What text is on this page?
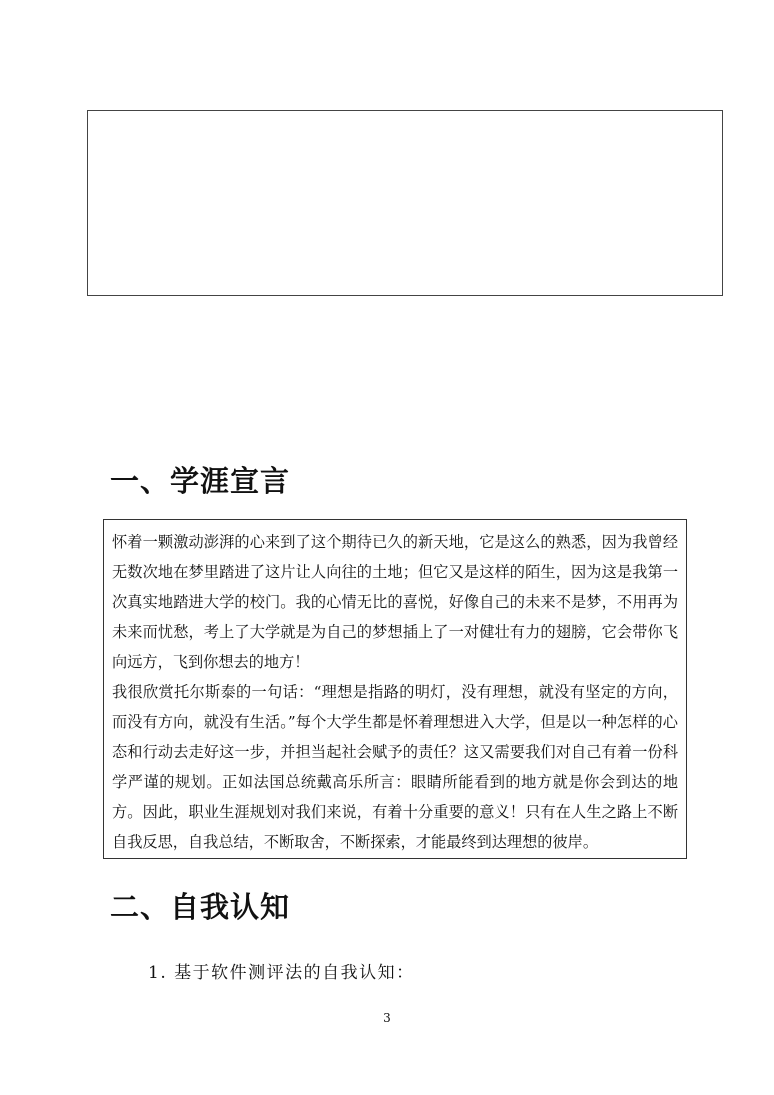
一、学涯宣言

怀着一颗激动澎湃的心来到了这个期待已久的新天地，它是这么的熟悉，因为我曾经无数次地在梦里踏进了这片让人向往的土地；但它又是这样的陌生，因为这是我第一次真实地踏进大学的校门。我的心情无比的喜悦，好像自己的未来不是梦，不用再为未来而忧愁，考上了大学就是为自己的梦想插上了一对健壮有力的翅膀，它会带你飞向远方，飞到你想去的地方！

我很欣赏托尔斯泰的一句话：“理想是指路的明灯，没有理想，就没有坚定的方向，而没有方向，就没有生活。”每个大学生都是怀着理想进入大学，但是以一种怎样的心态和行动去走好这一步，并担当起社会赋予的责任？这又需要我们对自己有着一份科学严谨的规划。正如法国总统戴高乐所言：眼睛所能看到的地方就是你会到达的地方。因此，职业生涯规划对我们来说，有着十分重要的意义！只有在人生之路上不断自我反思，自我总结，不断取舍，不断探索，才能最终到达理想的彼岸。

二、自我认知
1. 基于软件测评法的自我认知：
3
